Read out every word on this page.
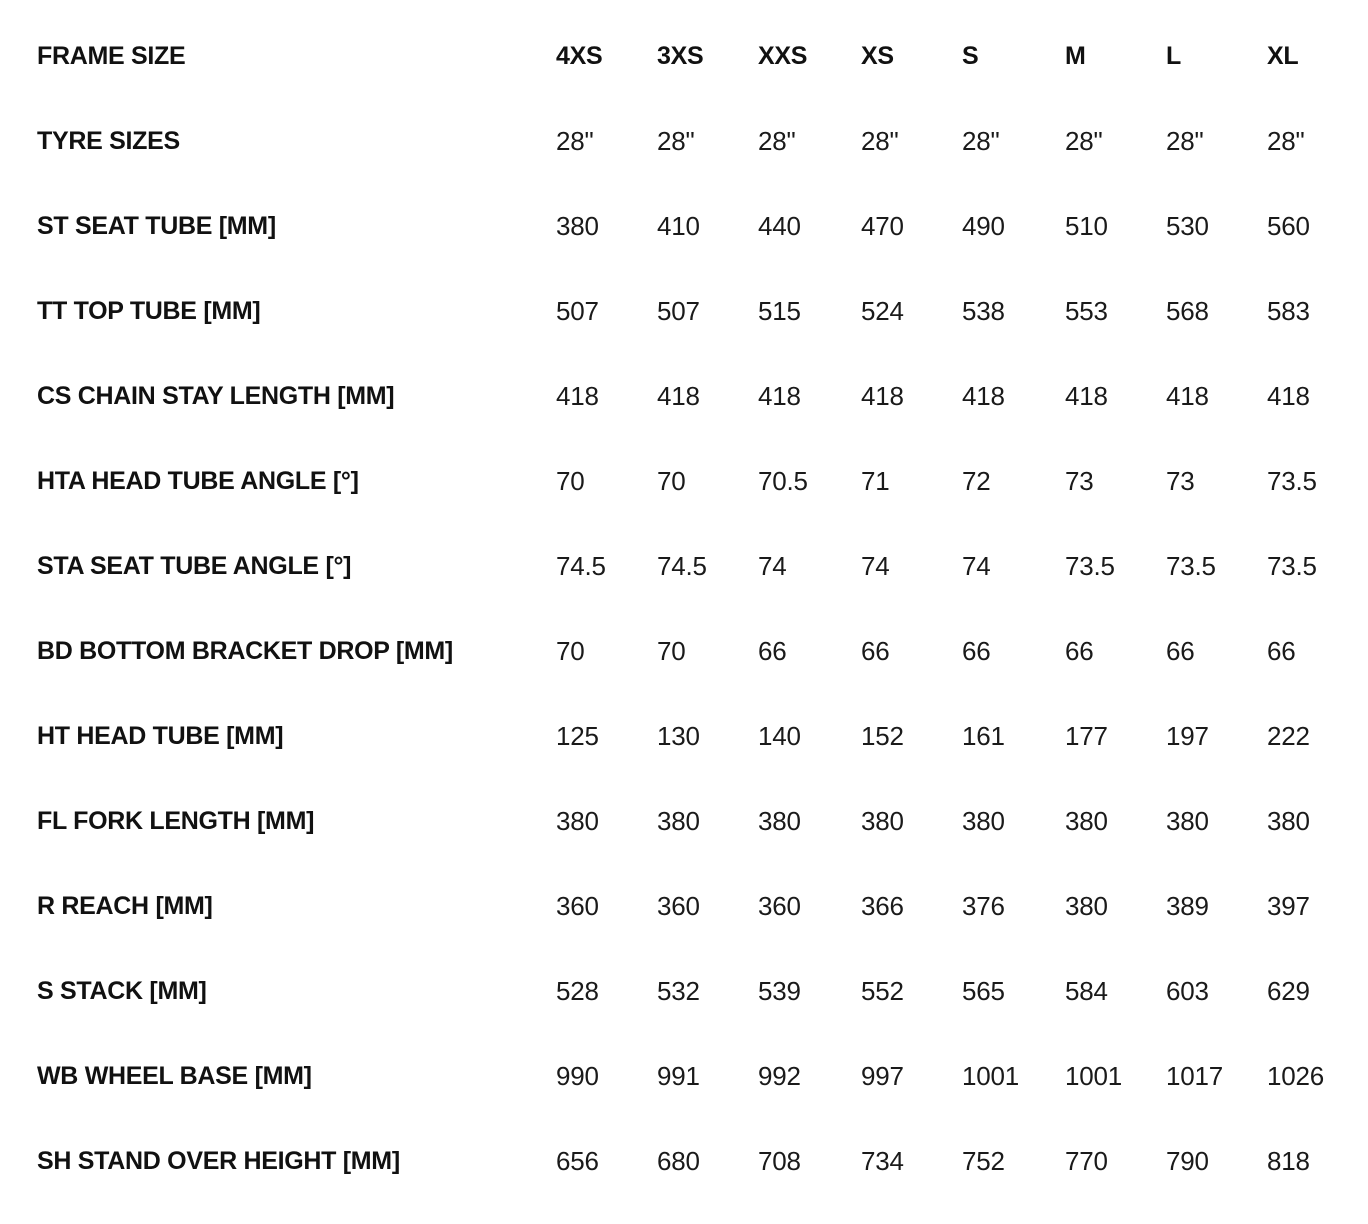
FRAME SIZE	4XS	3XS	XXS	XS	S	M	L	XL
TYRE SIZES	28"	28"	28"	28"	28"	28"	28"	28"
ST SEAT TUBE [MM]	380	410	440	470	490	510	530	560
TT TOP TUBE [MM]	507	507	515	524	538	553	568	583
CS CHAIN STAY LENGTH [MM]	418	418	418	418	418	418	418	418
HTA HEAD TUBE ANGLE [°]	70	70	70.5	71	72	73	73	73.5
STA SEAT TUBE ANGLE [°]	74.5	74.5	74	74	74	73.5	73.5	73.5
BD BOTTOM BRACKET DROP [MM]	70	70	66	66	66	66	66	66
HT HEAD TUBE [MM]	125	130	140	152	161	177	197	222
FL FORK LENGTH [MM]	380	380	380	380	380	380	380	380
R REACH [MM]	360	360	360	366	376	380	389	397
S STACK [MM]	528	532	539	552	565	584	603	629
WB WHEEL BASE [MM]	990	991	992	997	1001	1001	1017	1026
SH STAND OVER HEIGHT [MM]	656	680	708	734	752	770	790	818
